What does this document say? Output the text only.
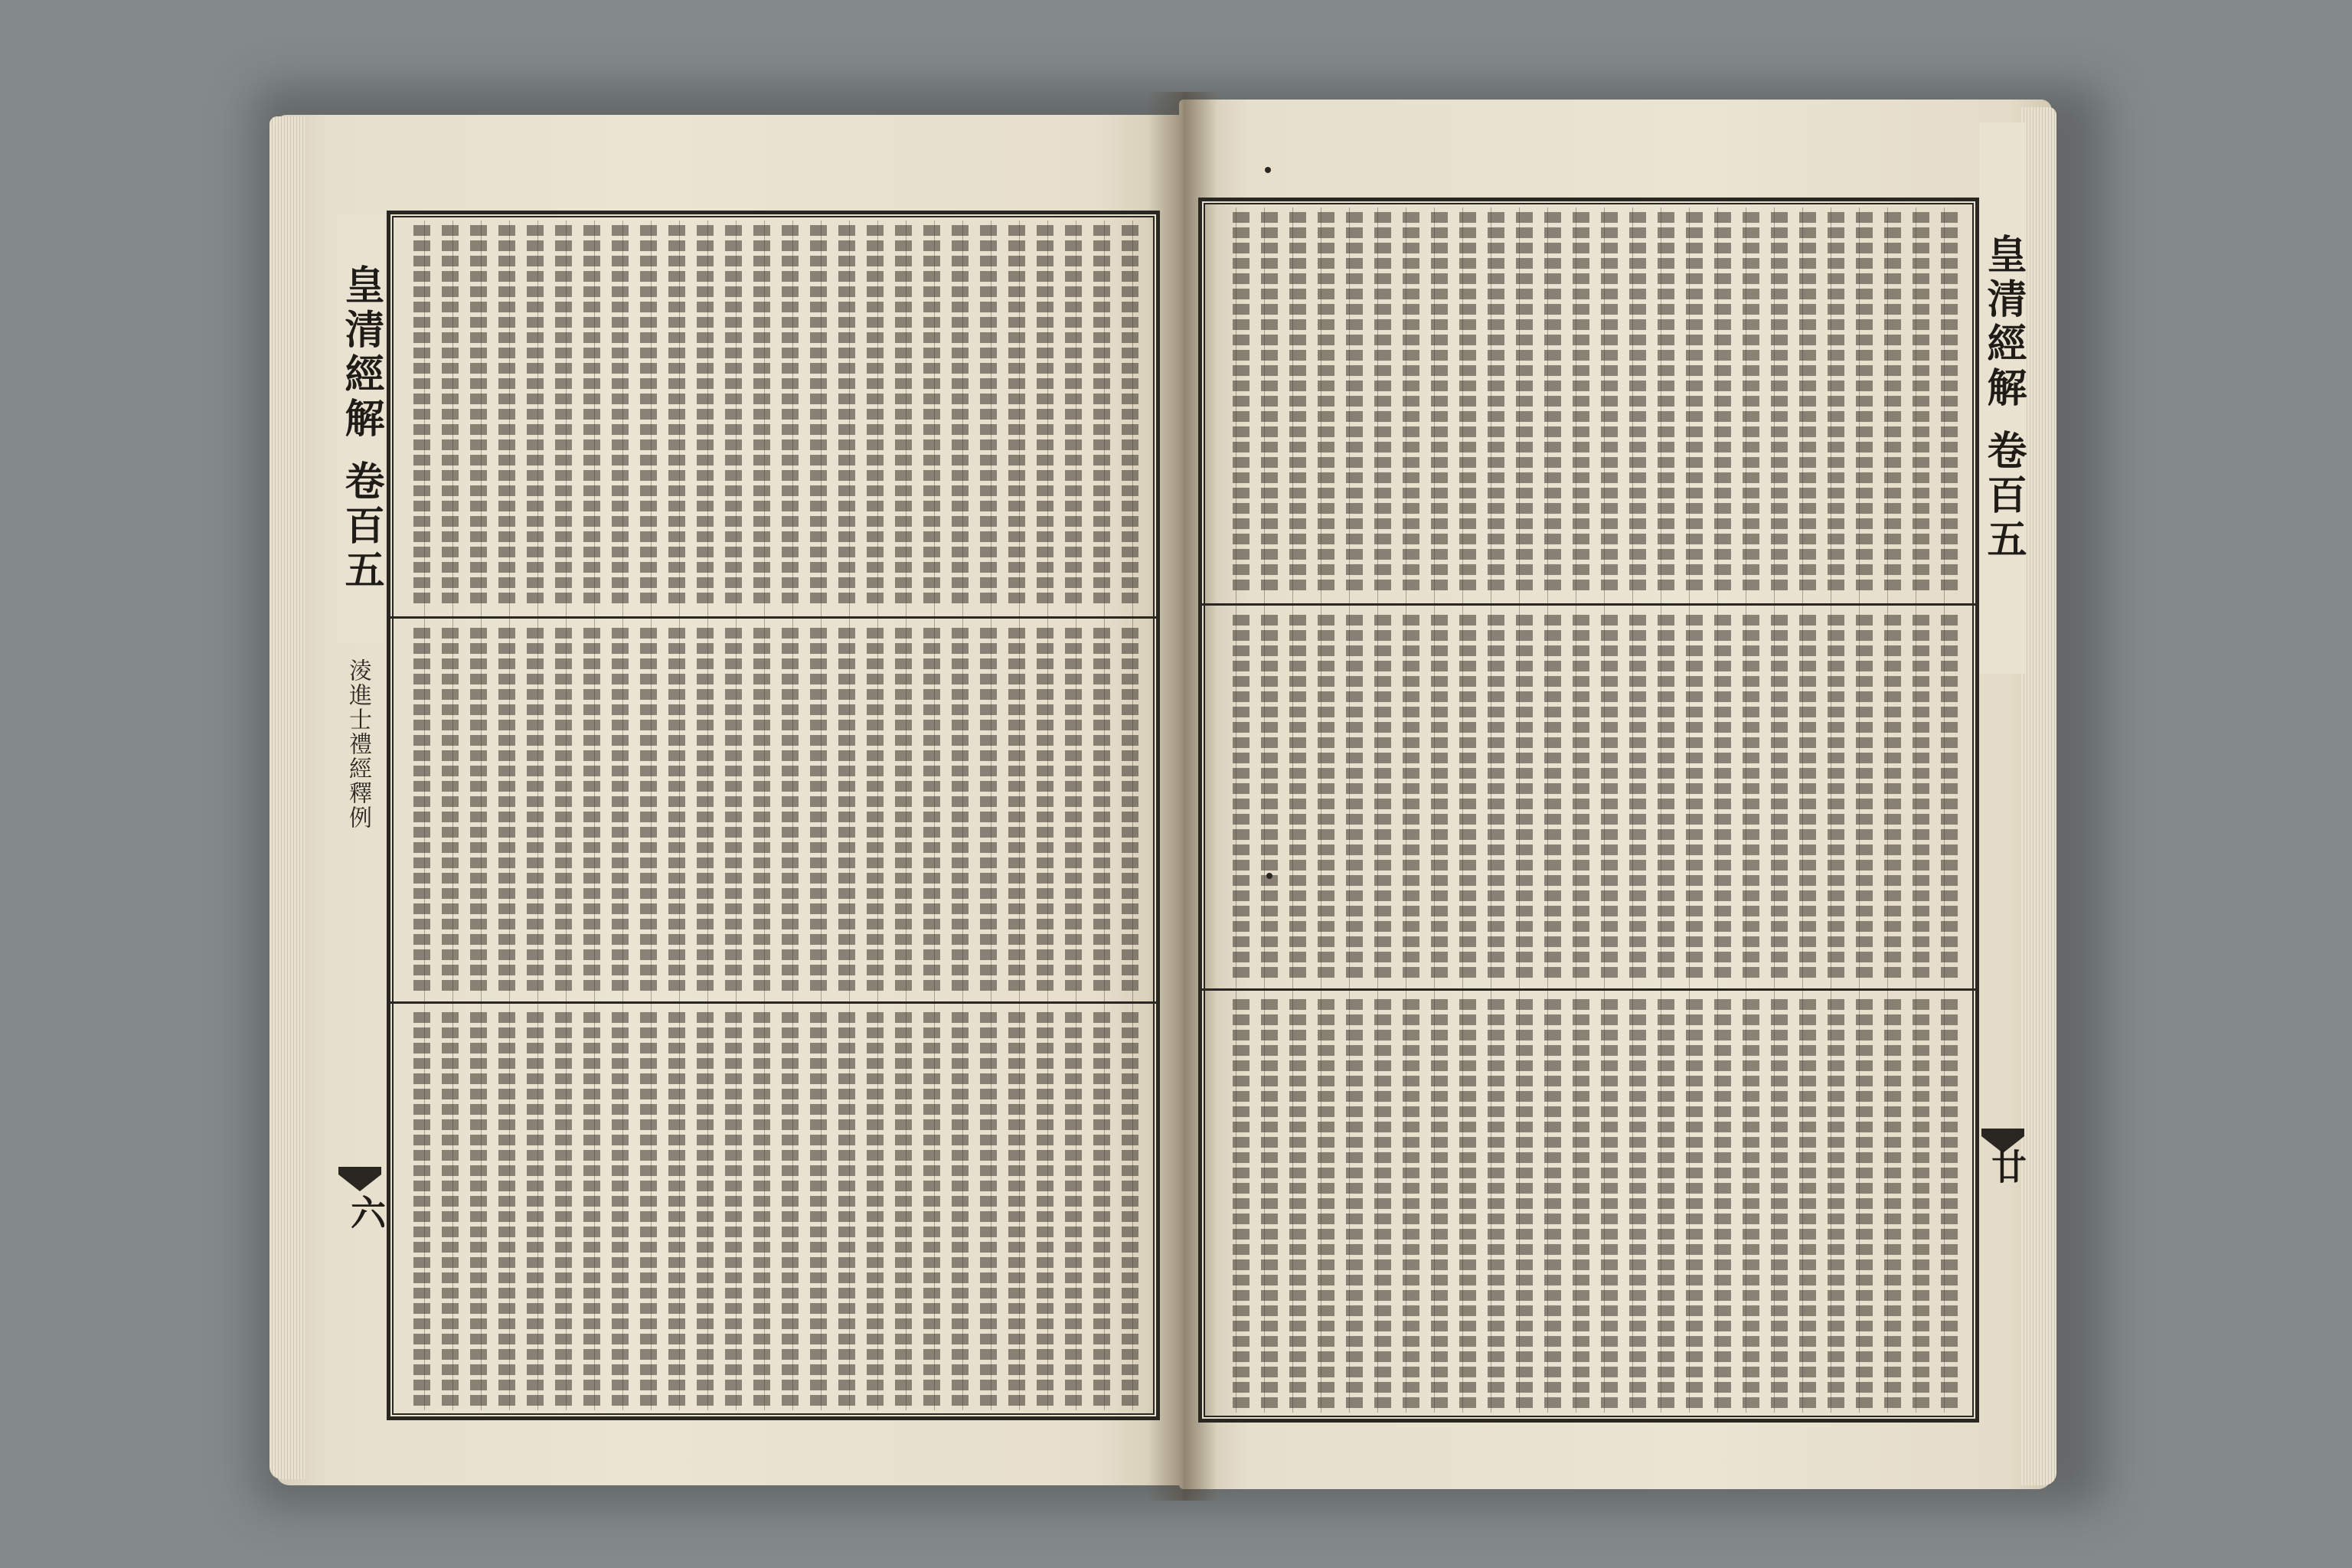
皇清經解 卷百五
淩進士禮經釋例
六
皇清經解 卷百五
廿
